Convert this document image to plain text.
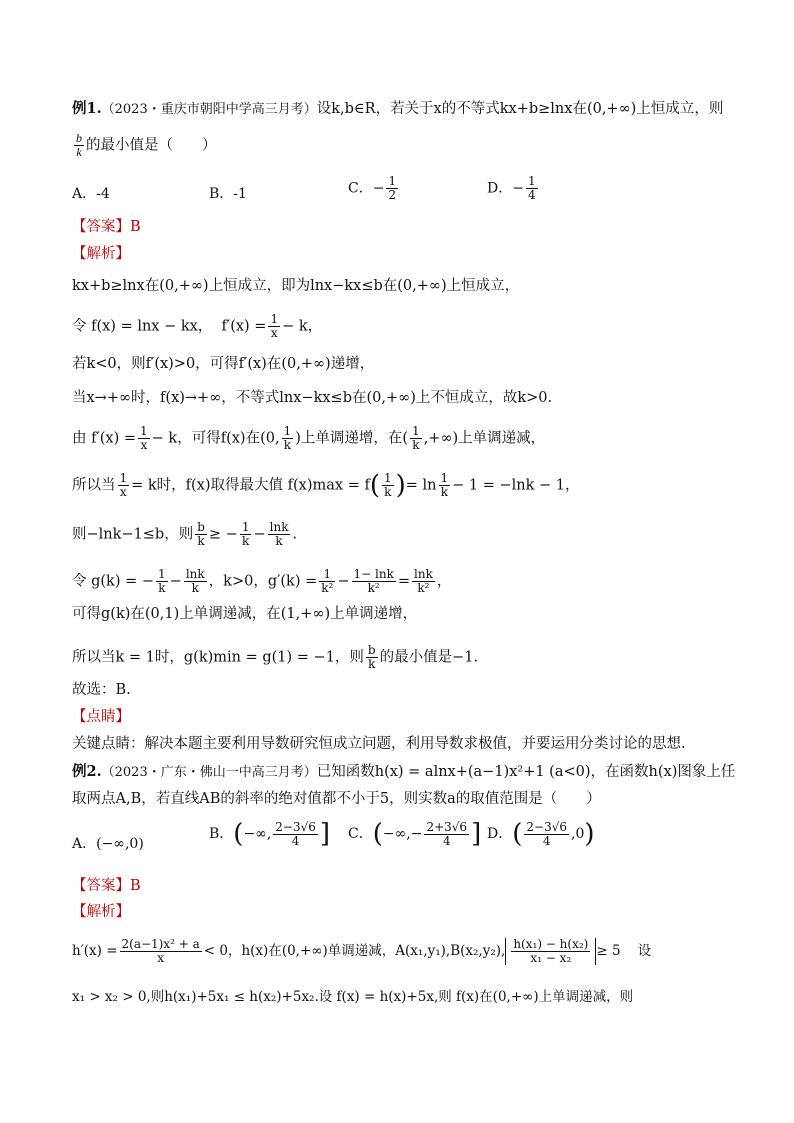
例1.（2023・重庆市朝阳中学高三月考）设k,b∈R，若关于x的不等式kx+b≥lnx在(0,+∞)上恒成立，则
$\frac{b}{k}$ 的最小值是（　　）
A．-4	B．-1	C．− $\frac{1}{2}$	D．− $\frac{1}{4}$
【答案】B
【解析】
kx+b≥lnx在(0,+∞)上恒成立，即为lnx−kx≤b在(0,+∞)上恒成立，
令 f(x) = lnx − kx， $f'(x) = \frac{1}{x} - k$，
若k<0，则f′(x)>0，可得f′(x)在(0,+∞)递增，
当x→+∞时，f(x)→+∞，不等式lnx−kx≤b在(0,+∞)上不恒成立，故k>0.
由 $f'(x) = \frac{1}{x} - k$，可得f(x)在(0, $\frac{1}{k}$ )上单调递增，在( $\frac{1}{k}$ ,+∞)上单调递减，
所以当 $\frac{1}{x} = k$时，f(x)取得最大值 $f(x)\max = f( \frac{1}{k}$ )= $\ln \frac{1}{k} - 1 = -\ln k - 1$，
则−lnk−1≤b，则 $\frac{b}{k}$ ≥ − $\frac{1}{k} - \frac{\ln k}{k}$ .
令 g(k) = − $\frac{1}{k} - \frac{\ln k}{k}$ ，k>0，$g'(k) = \frac{1}{\text{k²}} - \frac{1- \ln k}{\text{k²}} = \frac{\ln k}{\text{k²}}$ ，
可得g(k)在(0,1)上单调递减，在(1,+∞)上单调递增，
所以当k = 1时，g(k)min = g(1) = −1，则 $\frac{b}{k}$ 的最小值是−1.
故选：B.
【点睛】
关键点睛：解决本题主要利用导数研究恒成立问题，利用导数求极值，并要运用分类讨论的思想.
例2.（2023・广东・佛山一中高三月考）已知函数h(x) = alnx+(a−1)x²+1 (a<0)，在函数h(x)图象上任
取两点A,B，若直线AB的斜率的绝对值都不小于5，则实数a的取值范围是（　　）
A．(−∞,0)
B．(−∞, $\frac{2-3√6}{4}$ ] C．(−∞,− $\frac{2+3√6}{4}$ ] D．( $\frac{2-3√6}{4} ,0$)
【答案】B
【解析】
$h'(x) = \frac{\text{2(a−1)x² + a}}{x} < 0$，h(x)在(0,+∞)单调递减，A(x₁,y₁),B(x₂,y₂), $\frac{\text{h(x₁) − h(x₂)}}{\text{x₁ − x₂}} \ge 5$ 设
x₁ > x₂ > 0,则h(x₁)+5x₁ ≤ h(x₂)+5x₂.设 f(x) = h(x)+5x,则 f(x)在(0,+∞)上单调递减，则
